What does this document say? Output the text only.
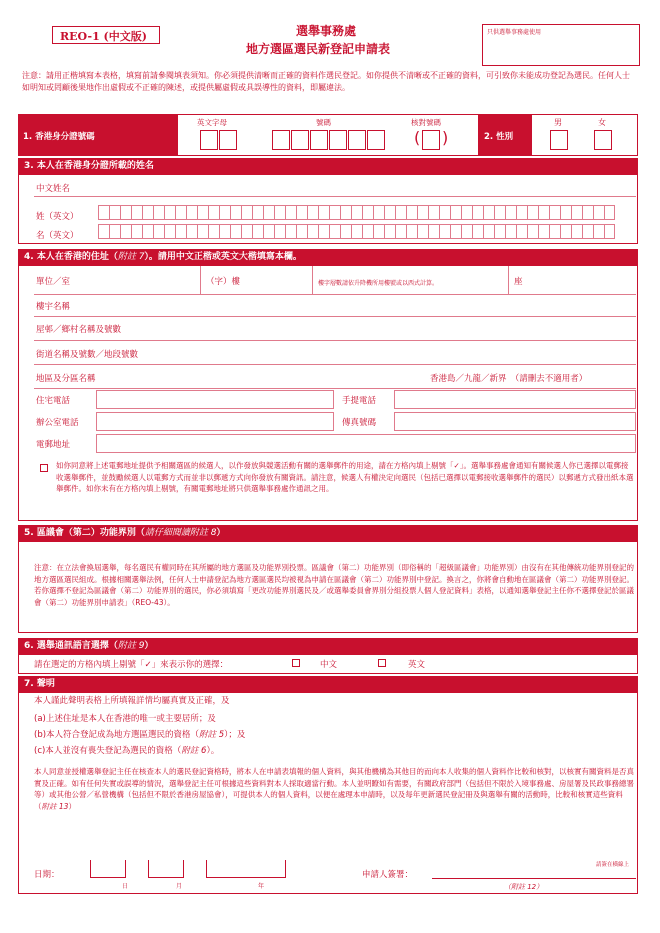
REO-1 (中文版)	選舉事務處
地方選區選民新登記申請表
只供選舉事務處使用
注意：請用正楷填寫本表格，填寫前請參閱填表須知。你必須提供清晰而正確的資料作選民登記。如你提供不清晰或不正確的資料，可引致你未能成功登記為選民。任何人士如明知或罔顧後果地作出虛假或不正確的陳述，或提供屬虛假或具誤導性的資料，即屬違法。
1. 香港身分證號碼
英文字母	號碼	核對號碼
( )	2. 性別
男	女
3. 本人在香港身分證所載的姓名
中文姓名
姓（英文）
名（英文）
4. 本人在香港的住址（附註 7）。請用中文正楷或英文大楷填寫本欄。
單位／室	（字）樓	樓字層數請依升降機所用樓號或以西式計算。	座
樓宇名稱
屋邨／鄉村名稱及號數
街道名稱及號數／地段號數
地區及分區名稱	香港島／九龍／新界　（請刪去不適用者）
住宅電話	手提電話
辦公室電話	傳真號碼
電郵地址
如你同意將上述電郵地址提供予相關選區的候選人，以作發放與競選活動有關的選舉郵件的用途，請在方格內填上剔號「✓」。選舉事務處會通知有關候選人你已選擇以電郵接收選舉郵件，並鼓勵候選人以電郵方式而並非以郵遞方式向你發放有關資訊。請注意，候選人有權決定向選民（包括已選擇以電郵接收選舉郵件的選民）以郵遞方式發出紙本選舉郵件。如你未有在方格內填上剔號，有關電郵地址將只供選舉事務處作通訊之用。
5. 區議會（第二）功能界別（請仔細閱讀附註 8）
注意：在立法會換屆選舉，每名選民有權同時在其所屬的地方選區及功能界別投票。區議會（第二）功能界別（即俗稱的「超級區議會」功能界別）由沒有在其他傳統功能界別登記的地方選區選民組成。根據相關選舉法例，任何人士申請登記為地方選區選民均被視為申請在區議會（第二）功能界別中登記。換言之，你將會自動地在區議會（第二）功能界別登記。若你選擇不登記為區議會（第二）功能界別的選民，你必須填寫「更改功能界別選民及／或選舉委員會界別分組投票人個人登記資料」表格，以通知選舉登記主任你不選擇登記於區議會（第二）功能界別申請表」（REO-43）。
6. 選舉通訊語言選擇（附註 9）
請在選定的方格內填上剔號「✓」來表示你的選擇：	中文	英文
7. 聲明
本人謹此聲明表格上所填報詳情均屬真實及正確，及
(a)上述住址是本人在香港的唯一或主要居所；及
(b)本人符合登記成為地方選區選民的資格（附註 5）；及
(c)本人並沒有喪失登記為選民的資格（附註 6）。
本人同意並授權選舉登記主任在核查本人的選民登記資格時，將本人在申請表填報的個人資料，與其他機構為其他目的而向本人收集的個人資料作比較和核對，以核實有關資料是否真實及正確。如有任何失實或誤導的情況，選舉登記主任可根據這些資料對本人採取適當行動。本人並明瞭如有需要，有關政府部門（包括但不限於入境事務處、房屋署及民政事務總署等）或其他公營／私營機構（包括但不限於香港房屋協會），可提供本人的個人資料，以便在處理本申請時，以及每年更新選民登記冊及與選舉有關的活動時，比較和核實這些資料（附註 13）
日期：
日	月	年
申請人簽署：
請簽在橫線上
（附註 12）
